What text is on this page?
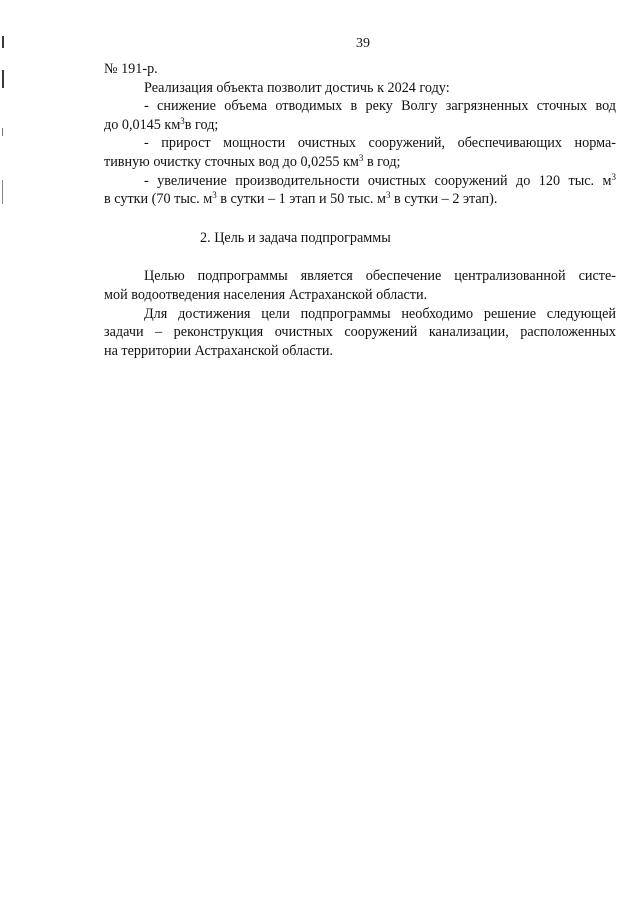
39

№ 191-р.

Реализация объекта позволит достичь к 2024 году:

- снижение объема отводимых в реку Волгу загрязненных сточных вод

до 0,0145 $км^3в$ год;

- прирост мощности очистных сооружений, обеспечивающих норма-

тивную очистку сточных вод до 0,0255 $км^3$ в год;

- увеличение производительности очистных сооружений до 120 тыс. $м^3$

в сутки (70 тыс. $м^3$ в сутки – 1 этап и 50 тыс. $м^3$ в сутки – 2 этап).

2. Цель и задача подпрограммы

Целью подпрограммы является обеспечение централизованной систе-

мой водоотведения населения Астраханской области.

Для достижения цели подпрограммы необходимо решение следующей

задачи – реконструкция очистных сооружений канализации, расположенных

на территории Астраханской области.
